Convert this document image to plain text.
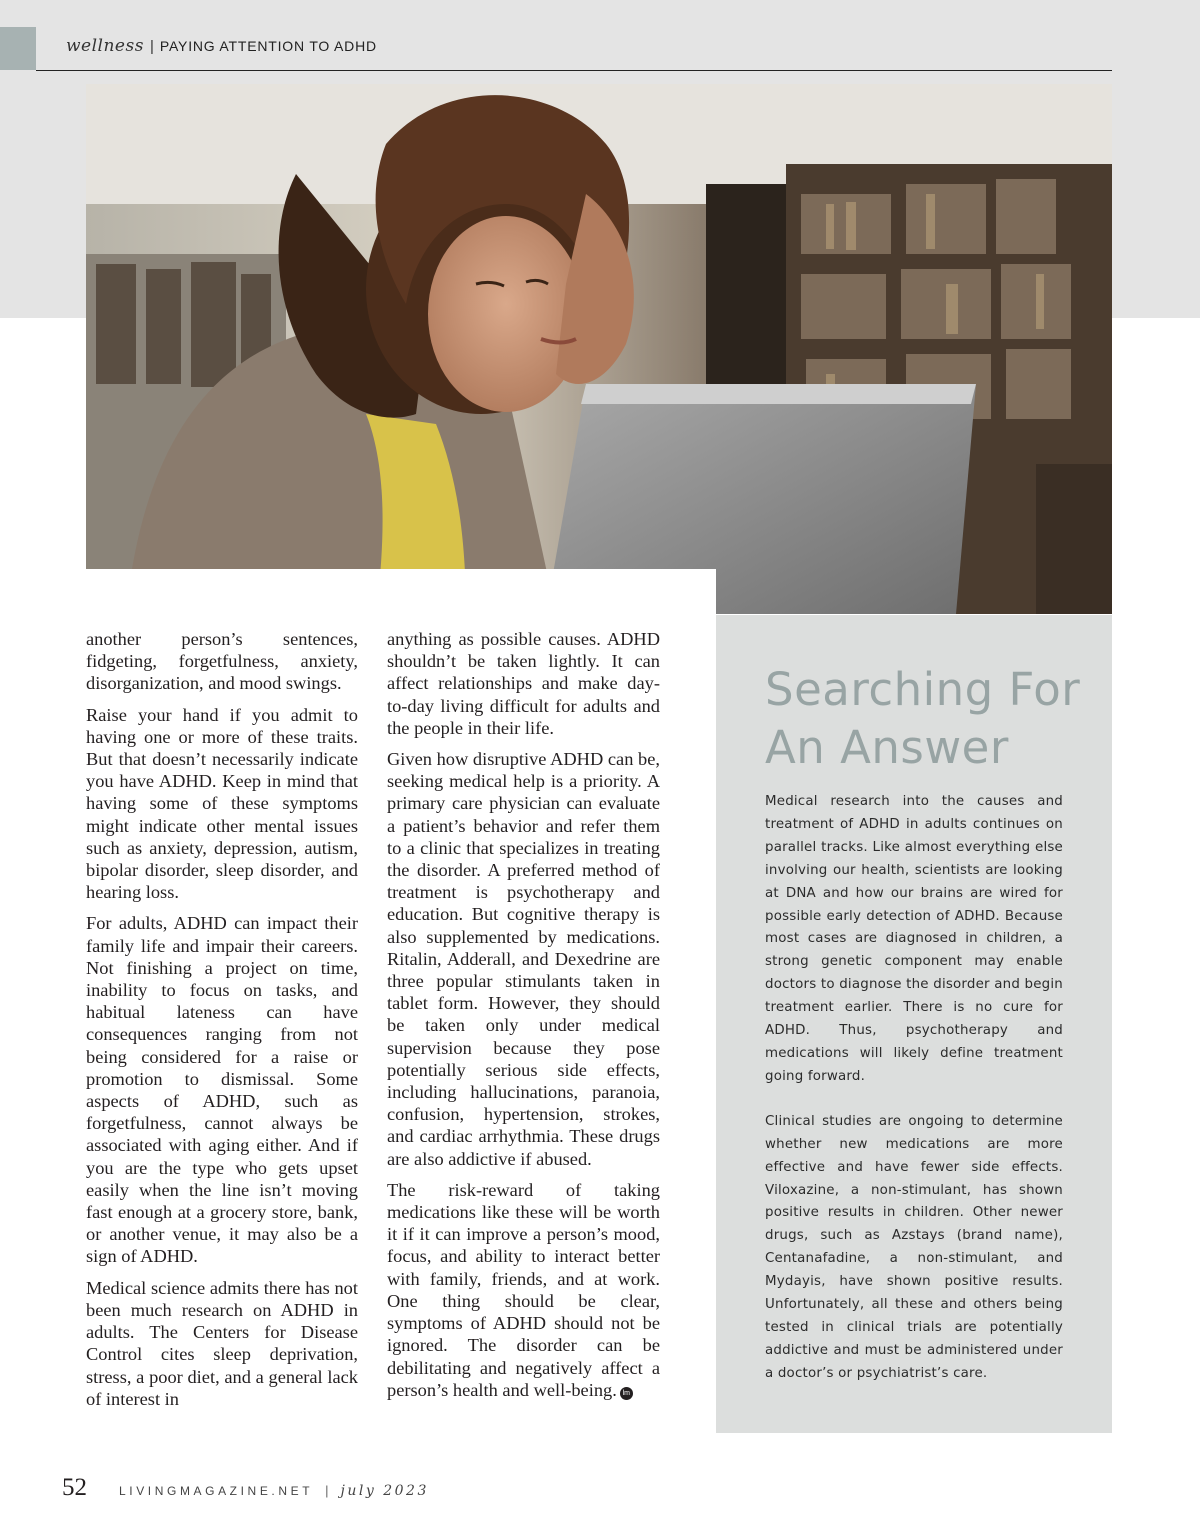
wellness | PAYING ATTENTION TO ADHD

another person’s sentences, fidgeting, forgetfulness, anxiety, disorganization, and mood swings.

Raise your hand if you admit to having one or more of these traits. But that doesn’t necessarily indicate you have ADHD. Keep in mind that having some of these symptoms might indicate other mental issues such as anxiety, depression, autism, bipolar disorder, sleep disorder, and hearing loss.

For adults, ADHD can impact their family life and impair their careers. Not finishing a project on time, inability to focus on tasks, and habitual lateness can have consequences ranging from not being considered for a raise or promotion to dismissal. Some aspects of ADHD, such as forgetfulness, cannot always be associated with aging either. And if you are the type who gets upset easily when the line isn’t moving fast enough at a grocery store, bank, or another venue, it may also be a sign of ADHD.

Medical science admits there has not been much research on ADHD in adults. The Centers for Disease Control cites sleep deprivation, stress, a poor diet, and a general lack of interest in

anything as possible causes. ADHD shouldn’t be taken lightly. It can affect relationships and make day-to-day living difficult for adults and the people in their life.

Given how disruptive ADHD can be, seeking medical help is a priority. A primary care physician can evaluate a patient’s behavior and refer them to a clinic that specializes in treating the disorder. A preferred method of treatment is psychotherapy and education. But cognitive therapy is also supplemented by medications. Ritalin, Adderall, and Dexedrine are three popular stimulants taken in tablet form. However, they should be taken only under medical supervision because they pose potentially serious side effects, including hallucinations, paranoia, confusion, hypertension, strokes, and cardiac arrhythmia. These drugs are also addictive if abused.

The risk-reward of taking medications like these will be worth it if it can improve a person’s mood, focus, and ability to interact better with family, friends, and at work. One thing should be clear, symptoms of ADHD should not be ignored. The disorder can be debilitating and negatively affect a person’s health and well-being. lm

Searching For
An Answer

Medical research into the causes and treatment of ADHD in adults continues on parallel tracks. Like almost everything else involving our health, scientists are looking at DNA and how our brains are wired for possible early detection of ADHD. Because most cases are diagnosed in children, a strong genetic component may enable doctors to diagnose the disorder and begin treatment earlier. There is no cure for ADHD. Thus, psychotherapy and medications will likely define treatment going forward.

Clinical studies are ongoing to determine whether new medications are more effective and have fewer side effects. Viloxazine, a non-stimulant, has shown positive results in children. Other newer drugs, such as Azstays (brand name), Centanafadine, a non-stimulant, and Mydayis, have shown positive results. Unfortunately, all these and others being tested in clinical trials are potentially addictive and must be administered under a doctor’s or psychiatrist’s care.

52	LIVINGMAGAZINE.NET | july 2023
